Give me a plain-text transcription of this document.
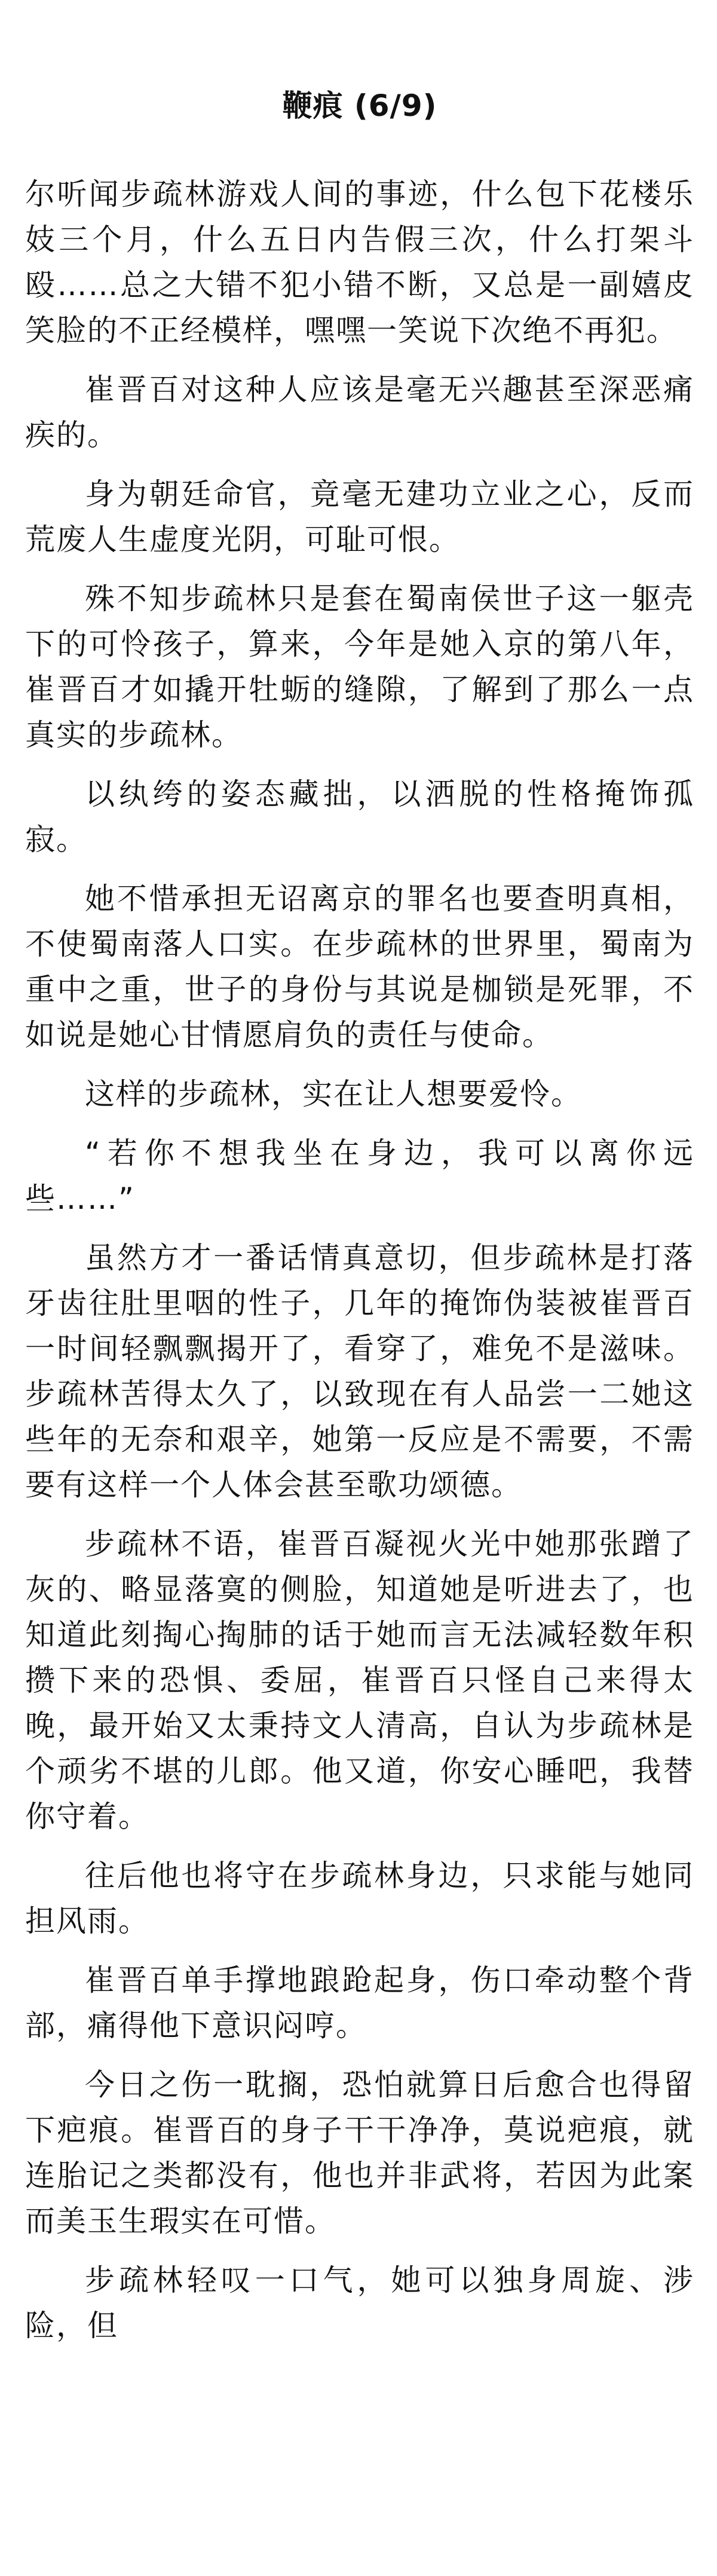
鞭痕 (6/9)

尔听闻步疏林游戏人间的事迹，什么包下花楼乐妓三个月，什么五日内告假三次，什么打架斗殴……总之大错不犯小错不断，又总是一副嬉皮笑脸的不正经模样，嘿嘿一笑说下次绝不再犯。

崔晋百对这种人应该是毫无兴趣甚至深恶痛疾的。

身为朝廷命官，竟毫无建功立业之心，反而荒废人生虚度光阴，可耻可恨。

殊不知步疏林只是套在蜀南侯世子这一躯壳下的可怜孩子，算来，今年是她入京的第八年，崔晋百才如撬开牡蛎的缝隙，了解到了那么一点真实的步疏林。

以纨绔的姿态藏拙，以洒脱的性格掩饰孤寂。

她不惜承担无诏离京的罪名也要查明真相，不使蜀南落人口实。在步疏林的世界里，蜀南为重中之重，世子的身份与其说是枷锁是死罪，不如说是她心甘情愿肩负的责任与使命。

这样的步疏林，实在让人想要爱怜。

“若你不想我坐在身边，我可以离你远些……”

虽然方才一番话情真意切，但步疏林是打落牙齿往肚里咽的性子，几年的掩饰伪装被崔晋百一时间轻飘飘揭开了，看穿了，难免不是滋味。步疏林苦得太久了，以致现在有人品尝一二她这些年的无奈和艰辛，她第一反应是不需要，不需要有这样一个人体会甚至歌功颂德。

步疏林不语，崔晋百凝视火光中她那张蹭了灰的、略显落寞的侧脸，知道她是听进去了，也知道此刻掏心掏肺的话于她而言无法减轻数年积攒下来的恐惧、委屈，崔晋百只怪自己来得太晚，最开始又太秉持文人清高，自认为步疏林是个顽劣不堪的儿郎。他又道，你安心睡吧，我替你守着。

往后他也将守在步疏林身边，只求能与她同担风雨。

崔晋百单手撑地踉跄起身，伤口牵动整个背部，痛得他下意识闷哼。

今日之伤一耽搁，恐怕就算日后愈合也得留下疤痕。崔晋百的身子干干净净，莫说疤痕，就连胎记之类都没有，他也并非武将，若因为此案而美玉生瑕实在可惜。

步疏林轻叹一口气，她可以独身周旋、涉险，但
